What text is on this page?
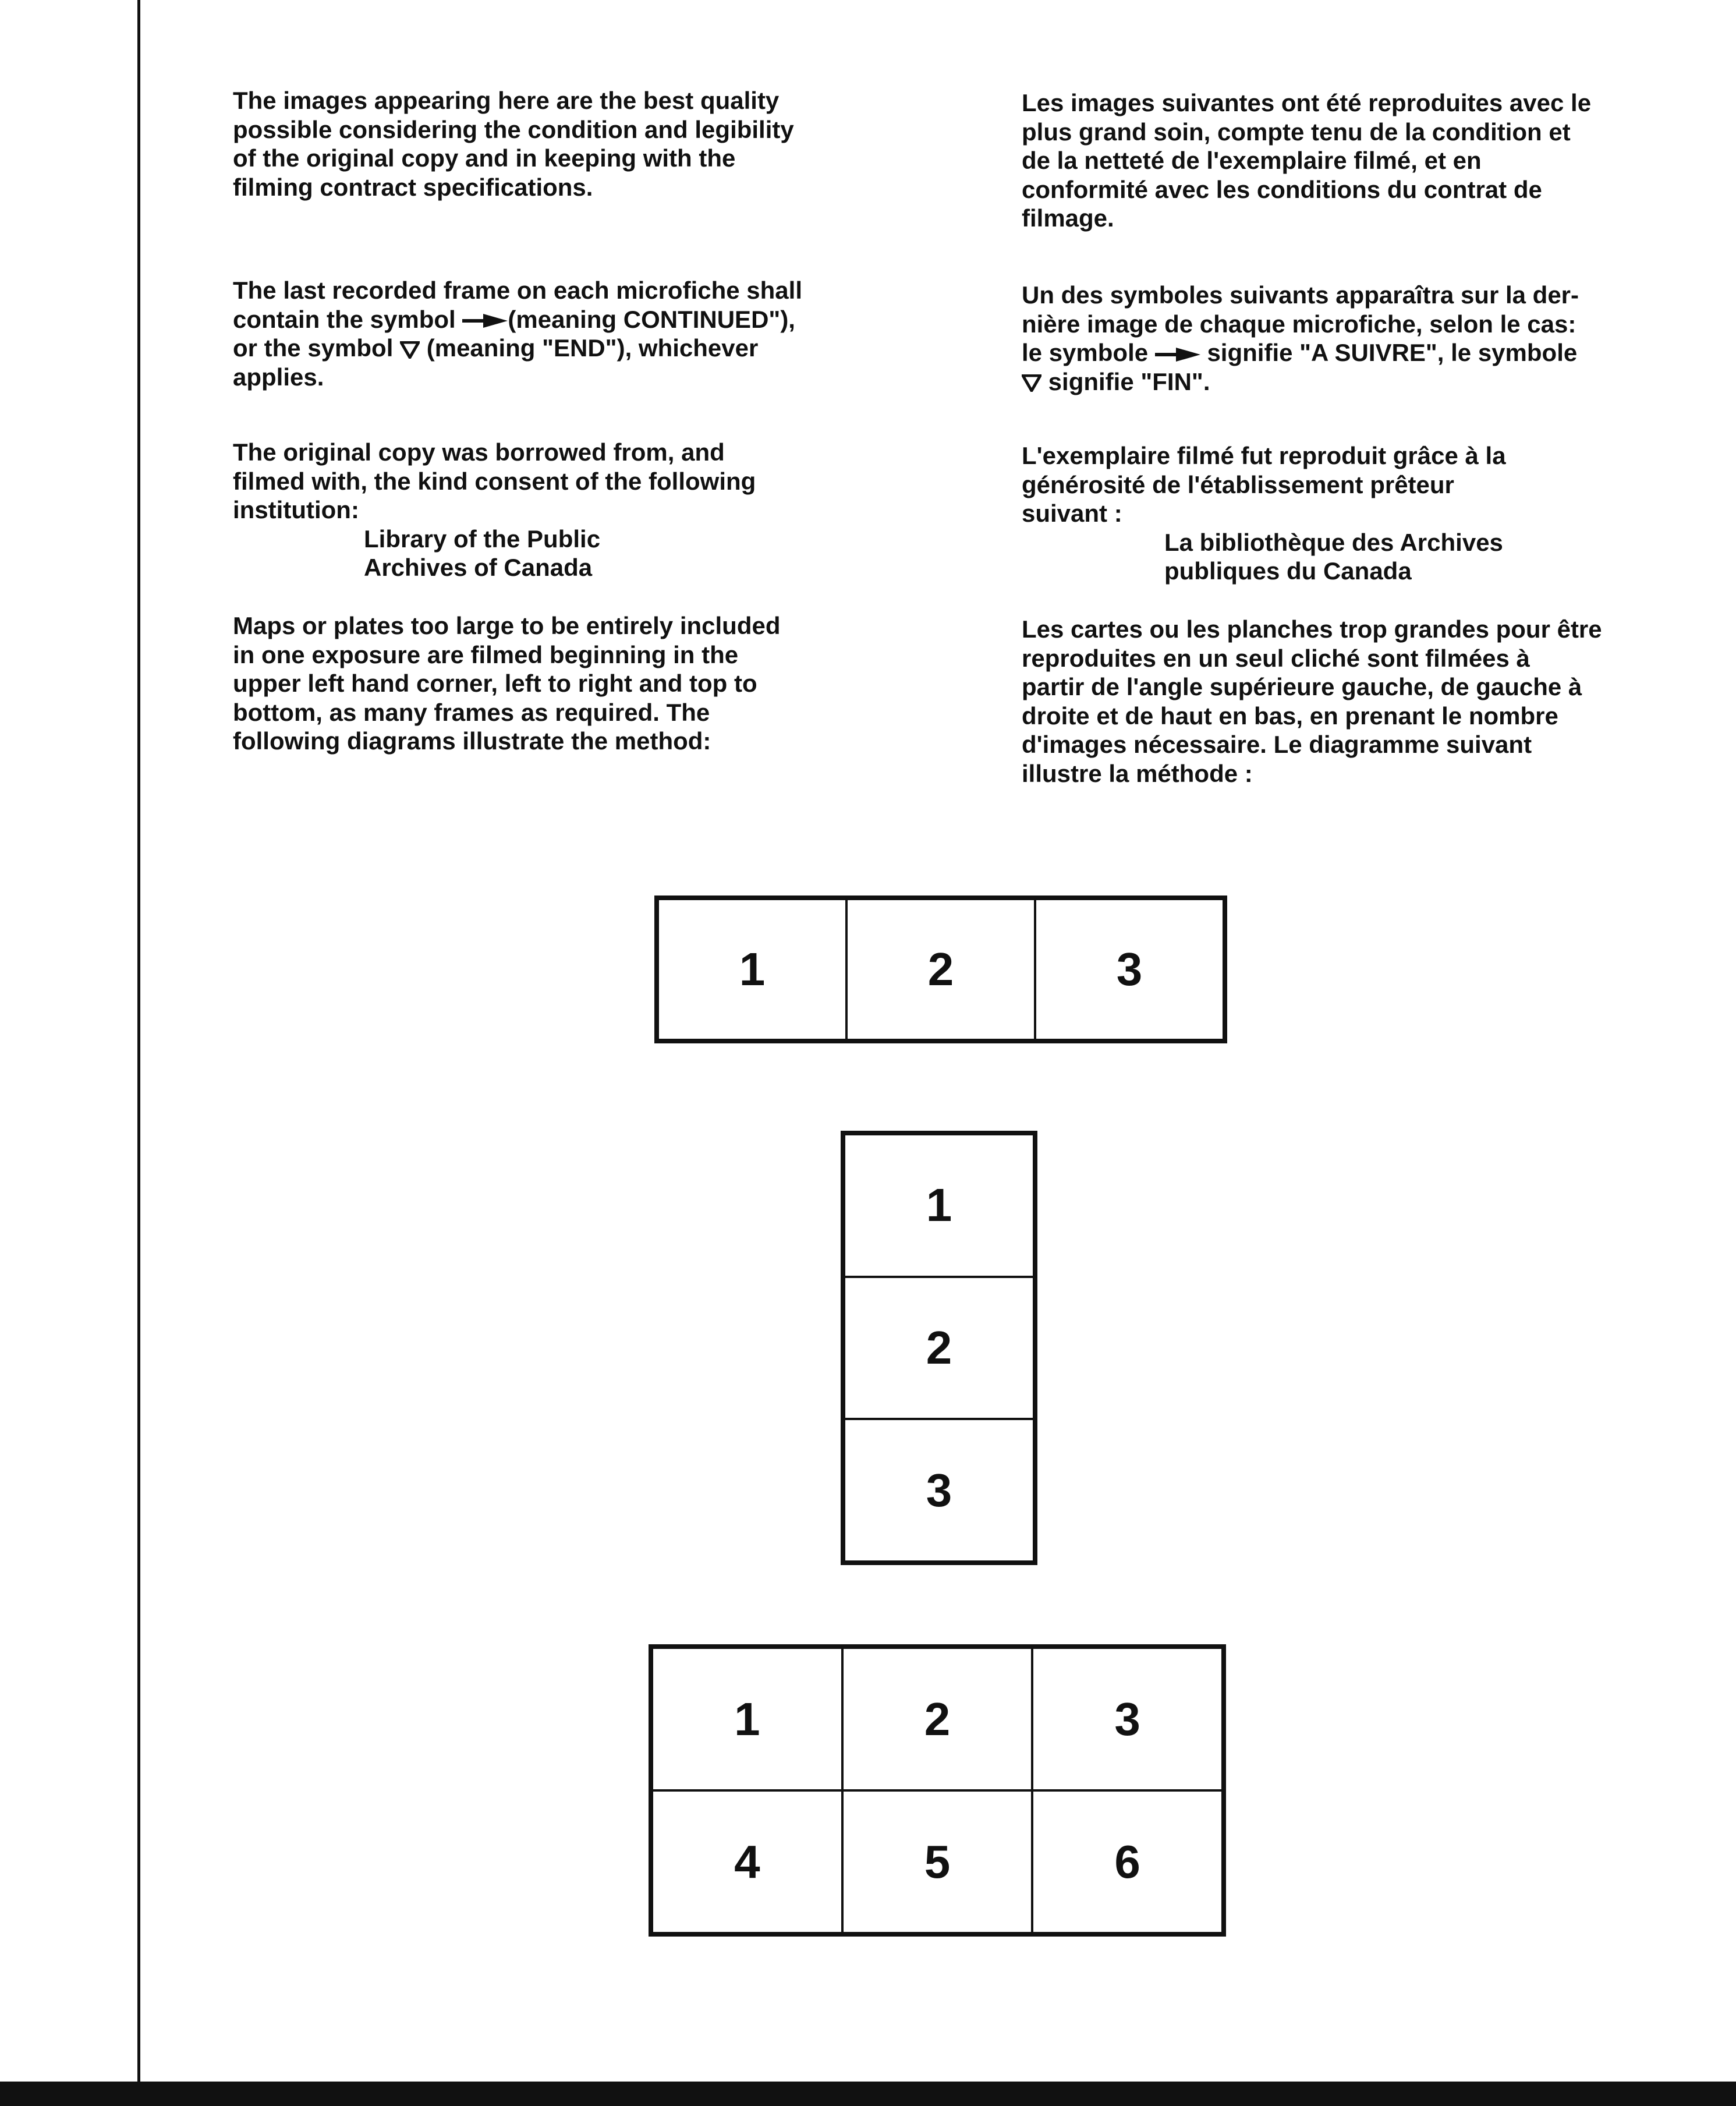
The images appearing here are the best quality
possible considering the condition and legibility
of the original copy and in keeping with the
filming contract specifications.

The last recorded frame on each microfiche shall
contain the symbol (meaning CONTINUED"),
or the symbol (meaning "END"), whichever
applies.

The original copy was borrowed from, and
filmed with, the kind consent of the following
institution:

Library of the Public
Archives of Canada

Maps or plates too large to be entirely included
in one exposure are filmed beginning in the
upper left hand corner, left to right and top to
bottom, as many frames as required. The
following diagrams illustrate the method:

Les images suivantes ont été reproduites avec le
plus grand soin, compte tenu de la condition et
de la netteté de l'exemplaire filmé, et en
conformité avec les conditions du contrat de
filmage.

Un des symboles suivants apparaîtra sur la der-
nière image de chaque microfiche, selon le cas:
le symbole signifie "A SUIVRE", le symbole
signifie "FIN".

L'exemplaire filmé fut reproduit grâce à la
générosité de l'établissement prêteur
suivant :

La bibliothèque des Archives
publiques du Canada

Les cartes ou les planches trop grandes pour être
reproduites en un seul cliché sont filmées à
partir de l'angle supérieure gauche, de gauche à
droite et de haut en bas, en prenant le nombre
d'images nécessaire. Le diagramme suivant
illustre la méthode :

1	2	3
1
2
3
1	2	3
4	5	6
